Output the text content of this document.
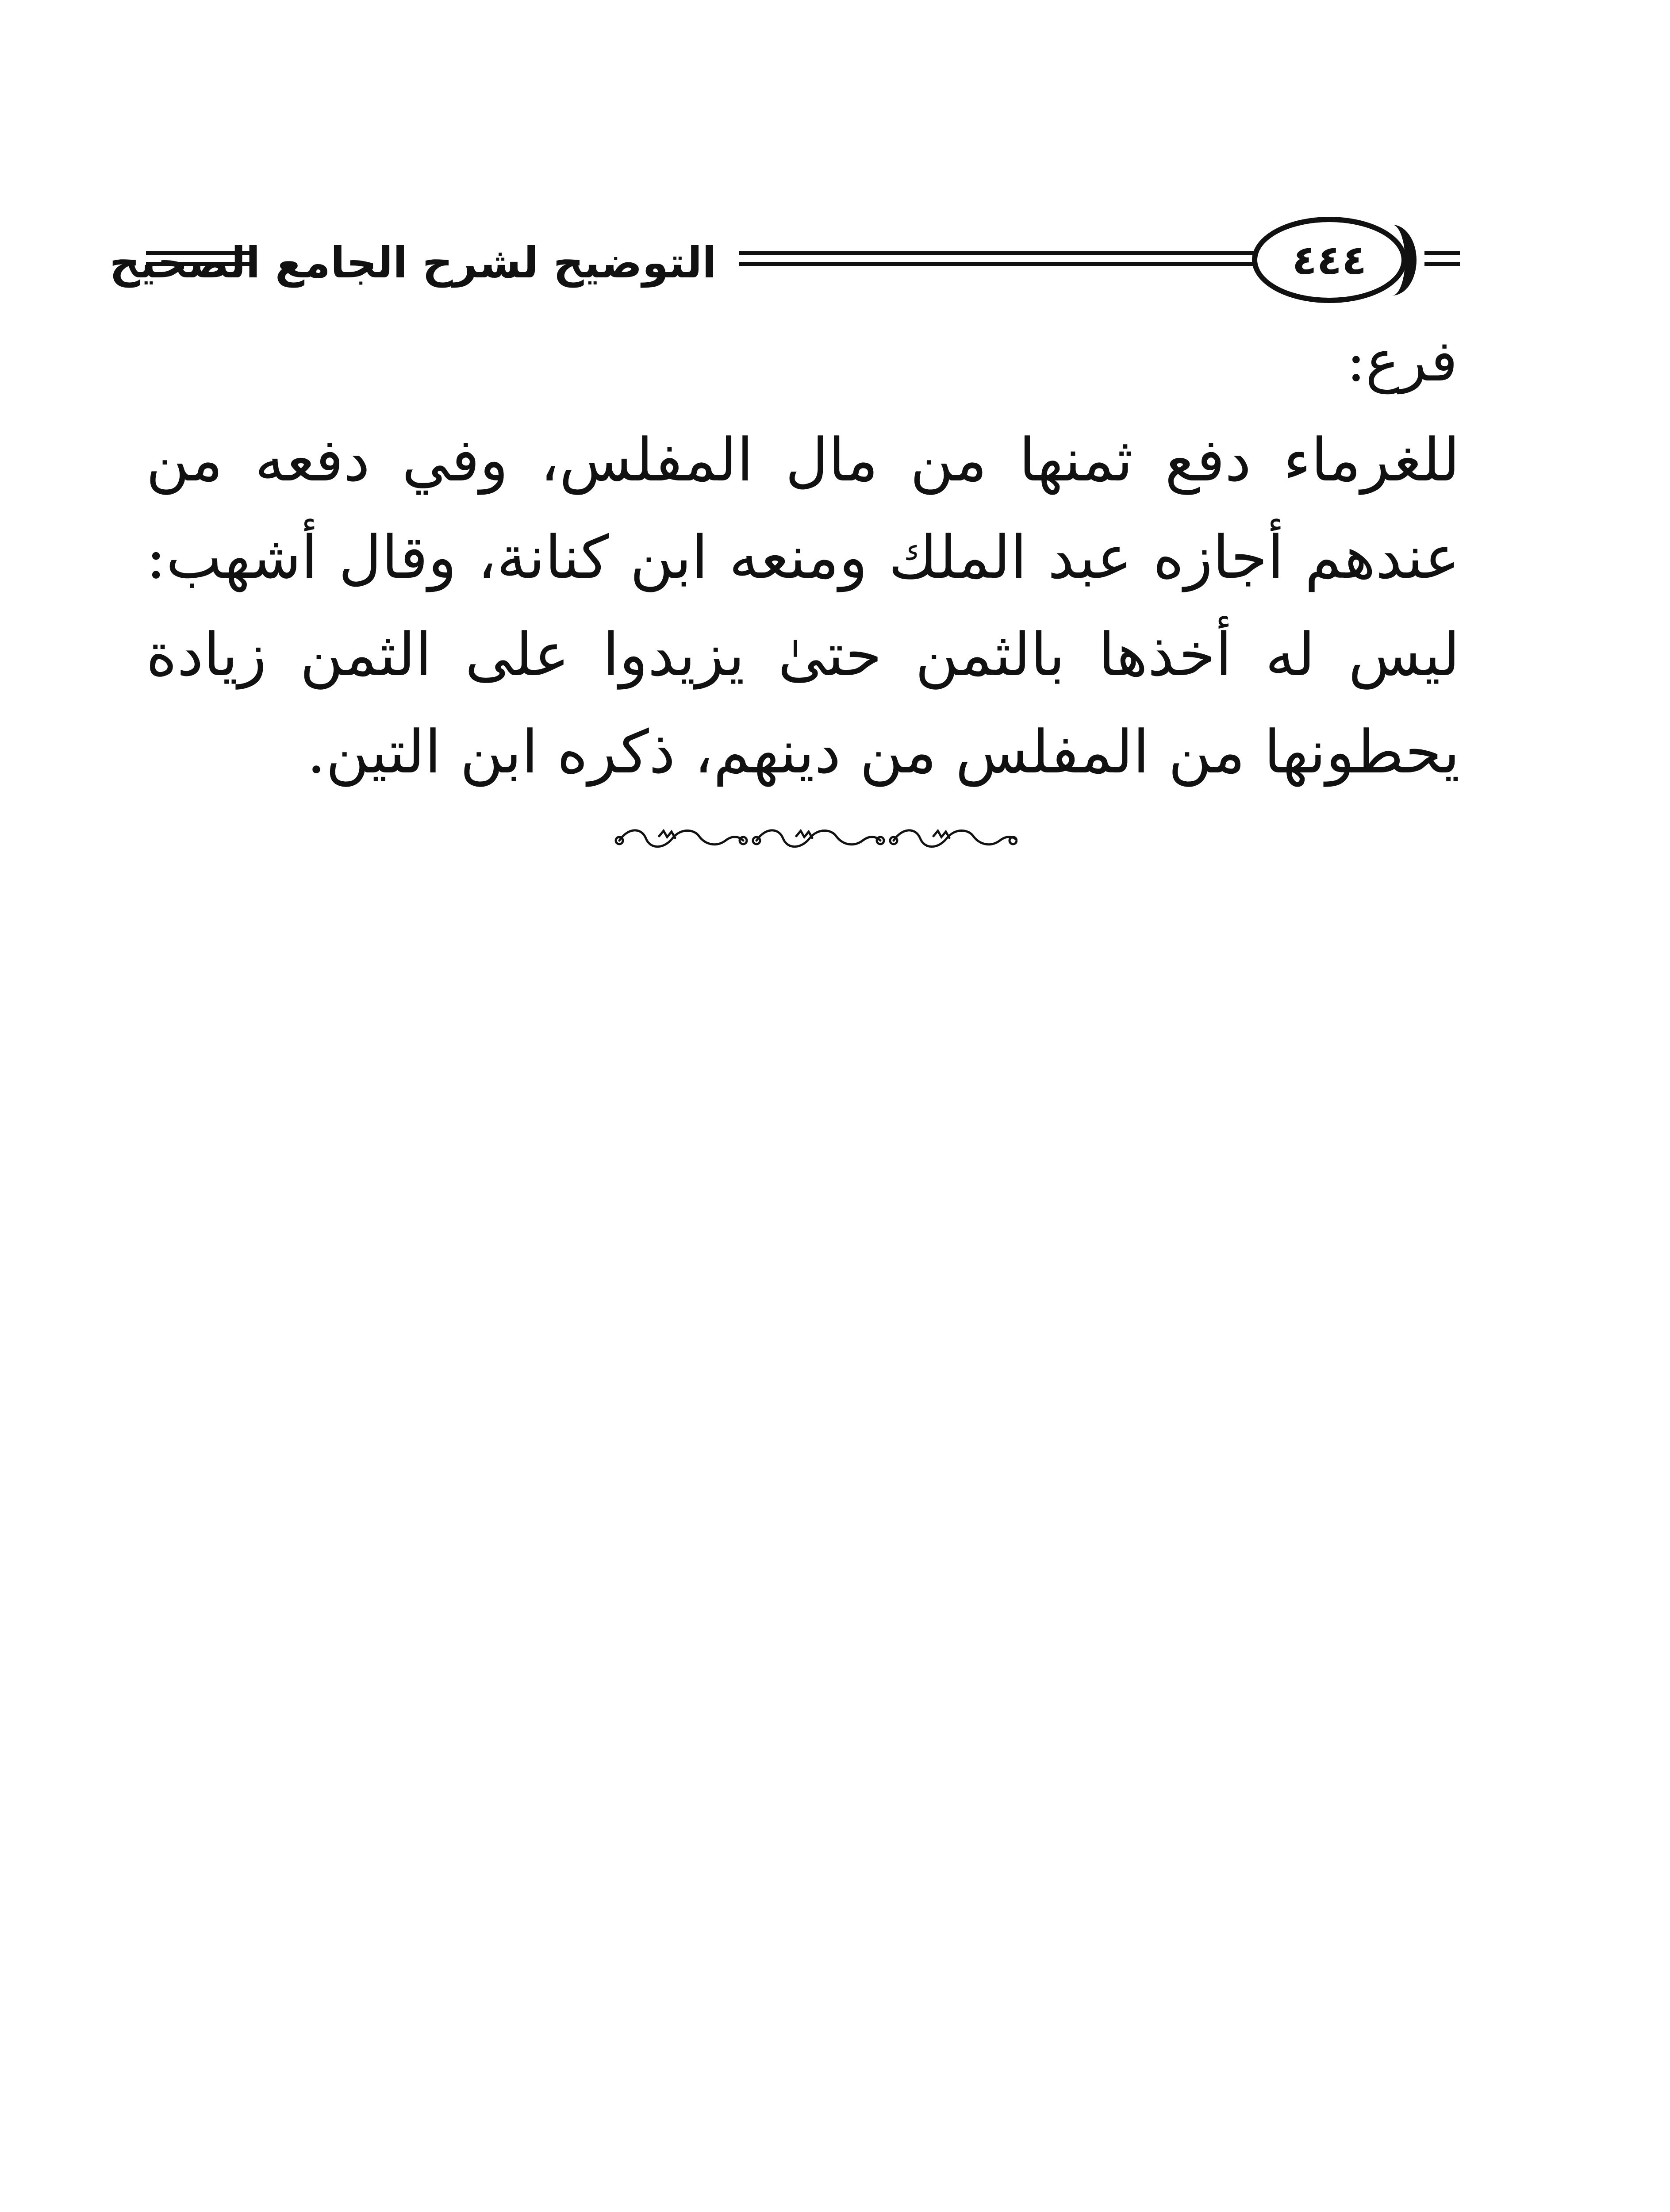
التوضيح لشرح الجامع الصحيح	٤٤٤
فرع:

للغرماء دفع ثمنها من مال المفلس، وفي دفعه من عندهم أجازه عبد الملك ومنعه ابن كنانة، وقال أشهب: ليس له أخذها بالثمن حتىٰ يزيدوا على الثمن زيادة يحطونها من المفلس من دينهم، ذكره ابن التين.
